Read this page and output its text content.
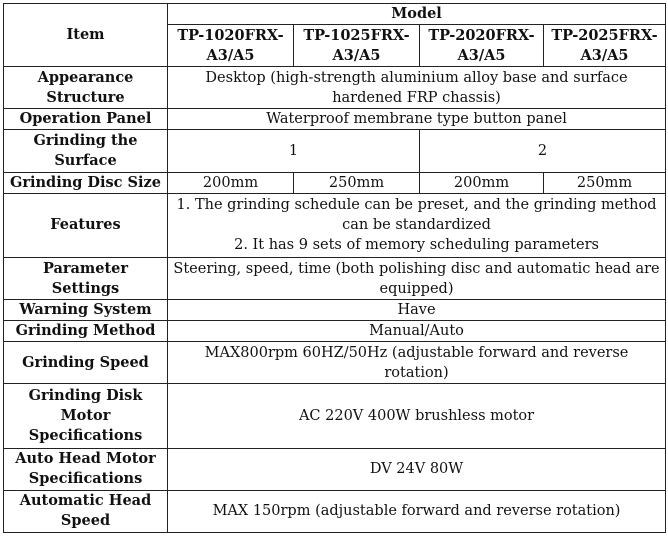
Item	Model			
	TP-1020FRX-A3/A5	TP-1025FRX-A3/A5	TP-2020FRX-A3/A5	TP-2025FRX-A3/A5
Appearance Structure	Desktop (high-strength aluminium alloy base and surface hardened FRP chassis)			
Operation Panel	Waterproof membrane type button panel			
Grinding the Surface	1		2	
Grinding Disc Size	200mm	250mm	200mm	250mm
Features	1. The grinding schedule can be preset, and the grinding method can be standardized
2. It has 9 sets of memory scheduling parameters			

Parameter Settings	Steering, speed, time (both polishing disc and automatic head are equipped)			
Warning System	Have			
Grinding Method	Manual/Auto			
Grinding Speed	MAX800rpm 60HZ/50Hz (adjustable forward and reverse rotation)			
Grinding Disk Motor Specifications	AC 220V 400W brushless motor			
Auto Head Motor Specifications	DV 24V 80W			
Automatic Head Speed	MAX 150rpm (adjustable forward and reverse rotation)			
